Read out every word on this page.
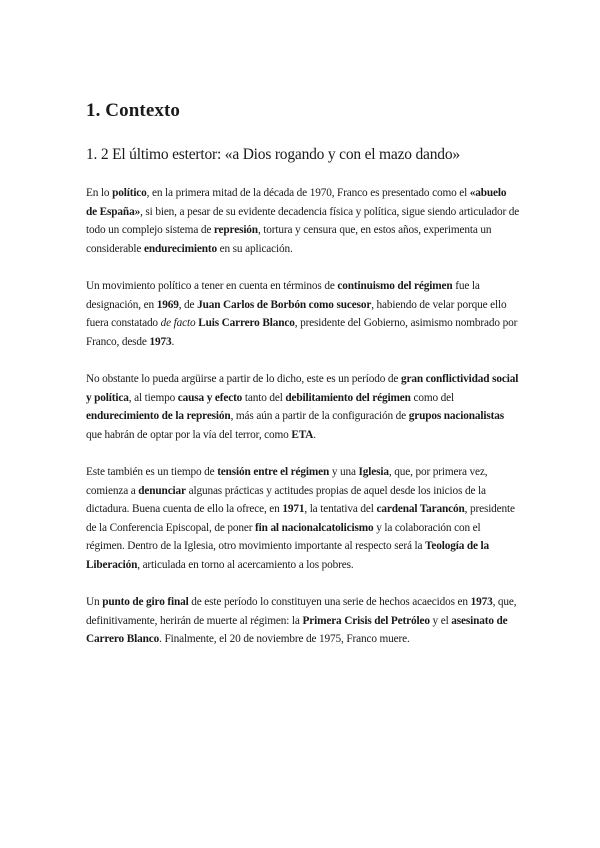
1. Contexto
1. 2 El último estertor: «a Dios rogando y con el mazo dando»

En lo político, en la primera mitad de la década de 1970, Franco es presentado como el «abuelo de España», si bien, a pesar de su evidente decadencia física y política, sigue siendo articulador de todo un complejo sistema de represión, tortura y censura que, en estos años, experimenta un considerable endurecimiento en su aplicación.

Un movimiento político a tener en cuenta en términos de continuismo del régimen fue la designación, en 1969, de Juan Carlos de Borbón como sucesor, habiendo de velar porque ello fuera constatado de facto Luis Carrero Blanco, presidente del Gobierno, asimismo nombrado por Franco, desde 1973.

No obstante lo pueda argüirse a partir de lo dicho, este es un período de gran conflictividad social y política, al tiempo causa y efecto tanto del debilitamiento del régimen como del endurecimiento de la represión, más aún a partir de la configuración de grupos nacionalistas que habrán de optar por la vía del terror, como ETA.

Este también es un tiempo de tensión entre el régimen y una Iglesia, que, por primera vez, comienza a denunciar algunas prácticas y actitudes propias de aquel desde los inicios de la dictadura. Buena cuenta de ello la ofrece, en 1971, la tentativa del cardenal Tarancón, presidente de la Conferencia Episcopal, de poner fin al nacionalcatolicismo y la colaboración con el régimen. Dentro de la Iglesia, otro movimiento importante al respecto será la Teología de la Liberación, articulada en torno al acercamiento a los pobres.

Un punto de giro final de este período lo constituyen una serie de hechos acaecidos en 1973, que, definitivamente, herirán de muerte al régimen: la Primera Crisis del Petróleo y el asesinato de Carrero Blanco. Finalmente, el 20 de noviembre de 1975, Franco muere.
